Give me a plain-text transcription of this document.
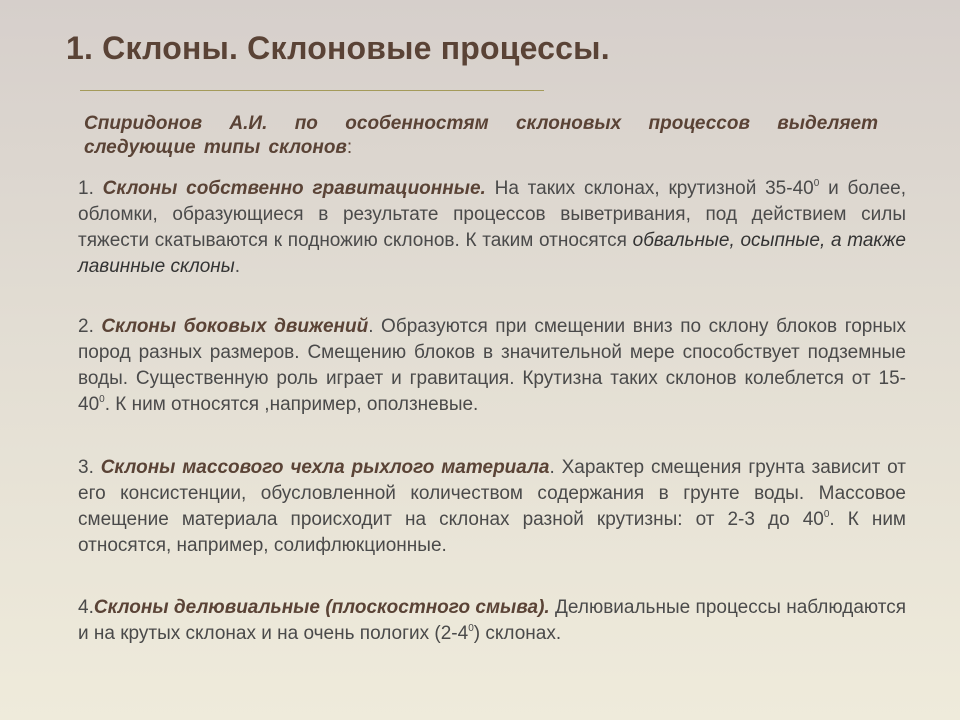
1. Склоны. Склоновые процессы.
Спиридонов А.И. по особенностям склоновых процессов выделяет следующие типы склонов:
1. Склоны собственно гравитационные. На таких склонах, крутизной $35-40^0$ и более, обломки, образующиеся в результате процессов выветривания, под действием силы тяжести скатываются к подножию склонов. К таким относятся обвальные, осыпные, а также лавинные склоны.
2. Склоны боковых движений. Образуются при смещении вниз по склону блоков горных пород разных размеров. Смещению блоков в значительной мере способствует подземные воды. Существенную роль играет и гравитация. Крутизна таких склонов колеблется от $15-40^0$. К ним относятся ,например, оползневые.
3. Склоны массового чехла рыхлого материала. Характер смещения грунта зависит от его консистенции, обусловленной количеством содержания в грунте воды. Массовое смещение материала происходит на склонах разной крутизны: от 2-3 до $40^0$. К ним относятся, например, солифлюкционные.
4.Склоны делювиальные (плоскостного смыва). Делювиальные процессы наблюдаются и на крутых склонах и на очень пологих $(2-4^0)$ склонах.
